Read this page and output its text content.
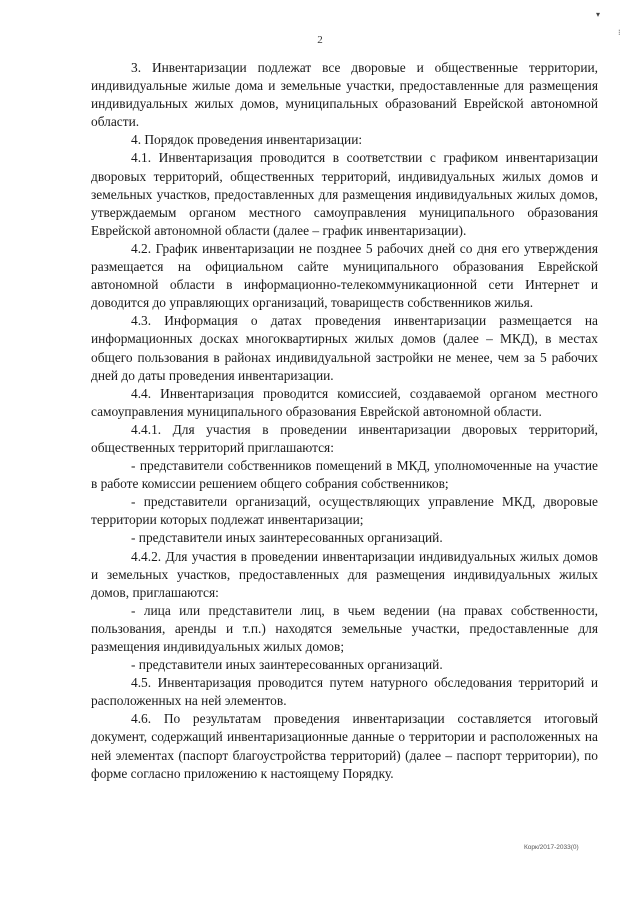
▾
⁝
2

3. Инвентаризации подлежат все дворовые и общественные территории, индивидуальные жилые дома и земельные участки, предоставленные для размещения индивидуальных жилых домов, муниципальных образований Еврейской автономной области.

4. Порядок проведения инвентаризации:

4.1. Инвентаризация проводится в соответствии с графиком инвентаризации дворовых территорий, общественных территорий, индивидуальных жилых домов и земельных участков, предоставленных для размещения индивидуальных жилых домов, утверждаемым органом местного самоуправления муниципального образования Еврейской автономной области (далее – график инвентаризации).

4.2. График инвентаризации не позднее 5 рабочих дней со дня его утверждения размещается на официальном сайте муниципального образования Еврейской автономной области в информационно-телекоммуникационной сети Интернет и доводится до управляющих организаций, товариществ собственников жилья.

4.3. Информация о датах проведения инвентаризации размещается на информационных досках многоквартирных жилых домов (далее – МКД), в местах общего пользования в районах индивидуальной застройки не менее, чем за 5 рабочих дней до даты проведения инвентаризации.

4.4. Инвентаризация проводится комиссией, создаваемой органом местного самоуправления муниципального образования Еврейской автономной области.

4.4.1. Для участия в проведении инвентаризации дворовых территорий, общественных территорий приглашаются:

- представители собственников помещений в МКД, уполномоченные на участие в работе комиссии решением общего собрания собственников;

- представители организаций, осуществляющих управление МКД, дворовые территории которых подлежат инвентаризации;

- представители иных заинтересованных организаций.

4.4.2. Для участия в проведении инвентаризации индивидуальных жилых домов и земельных участков, предоставленных для размещения индивидуальных жилых домов, приглашаются:

- лица или представители лиц, в чьем ведении (на правах собственности, пользования, аренды и т.п.) находятся земельные участки, предоставленные для размещения индивидуальных жилых домов;

- представители иных заинтересованных организаций.

4.5. Инвентаризация проводится путем натурного обследования территорий и расположенных на ней элементов.

4.6. По результатам проведения инвентаризации составляется итоговый документ, содержащий инвентаризационные данные о территории и расположенных на ней элементах (паспорт благоустройства территорий) (далее – паспорт территории), по форме согласно приложению к настоящему Порядку.

Корк/2017-2033(0)
